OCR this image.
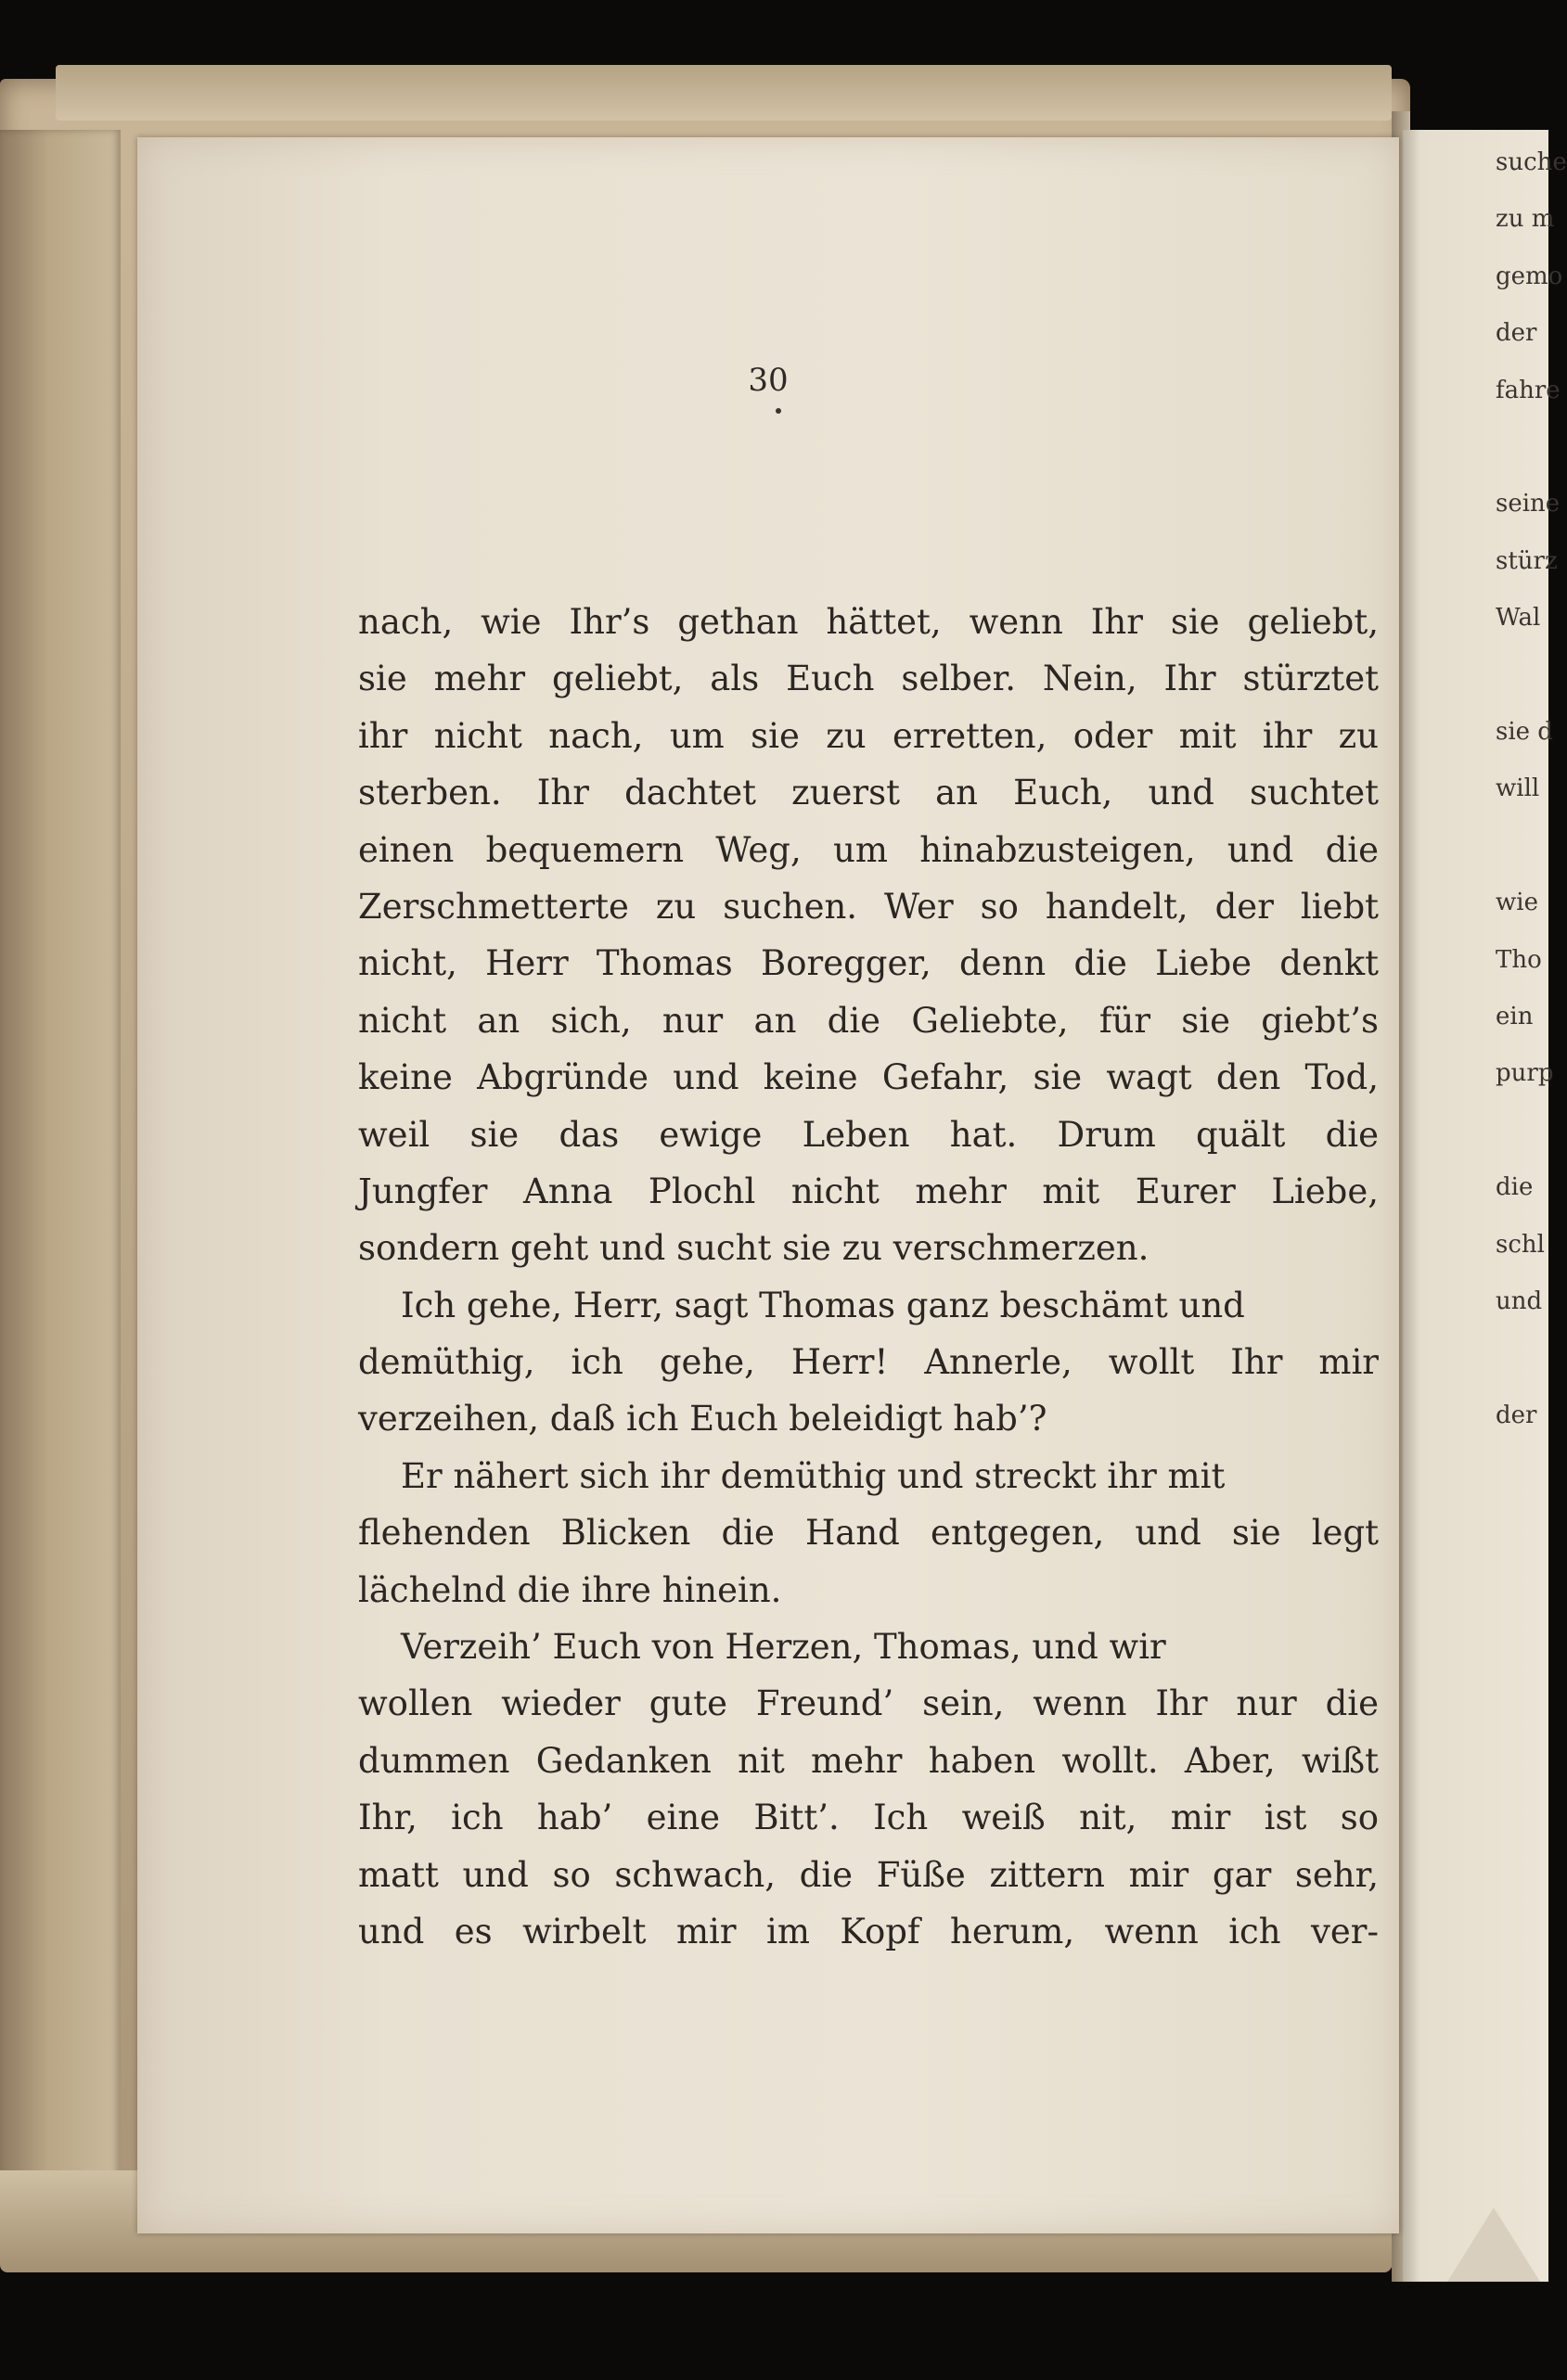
suche
zu m
gemo
der
fahre
seine
stürz
Wal
sie d
will
wie
Tho
ein
purp
die
schl
und
der
30
nach, wie Ihr’s gethan hättet, wenn Ihr sie geliebt,
sie mehr geliebt, als Euch selber. Nein, Ihr stürztet
ihr nicht nach, um sie zu erretten, oder mit ihr zu
sterben. Ihr dachtet zuerst an Euch, und suchtet
einen bequemern Weg, um hinabzusteigen, und die
Zerschmetterte zu suchen. Wer so handelt, der liebt
nicht, Herr Thomas Boregger, denn die Liebe denkt
nicht an sich, nur an die Geliebte, für sie giebt’s
keine Abgründe und keine Gefahr, sie wagt den Tod,
weil sie das ewige Leben hat. Drum quält die
Jungfer Anna Plochl nicht mehr mit Eurer Liebe,
sondern geht und sucht sie zu verschmerzen.
Ich gehe, Herr, sagt Thomas ganz beschämt und
demüthig, ich gehe, Herr! Annerle, wollt Ihr mir
verzeihen, daß ich Euch beleidigt hab’?
Er nähert sich ihr demüthig und streckt ihr mit
flehenden Blicken die Hand entgegen, und sie legt
lächelnd die ihre hinein.
Verzeih’ Euch von Herzen, Thomas, und wir
wollen wieder gute Freund’ sein, wenn Ihr nur die
dummen Gedanken nit mehr haben wollt. Aber, wißt
Ihr, ich hab’ eine Bitt’. Ich weiß nit, mir ist so
matt und so schwach, die Füße zittern mir gar sehr,
und es wirbelt mir im Kopf herum, wenn ich ver-
